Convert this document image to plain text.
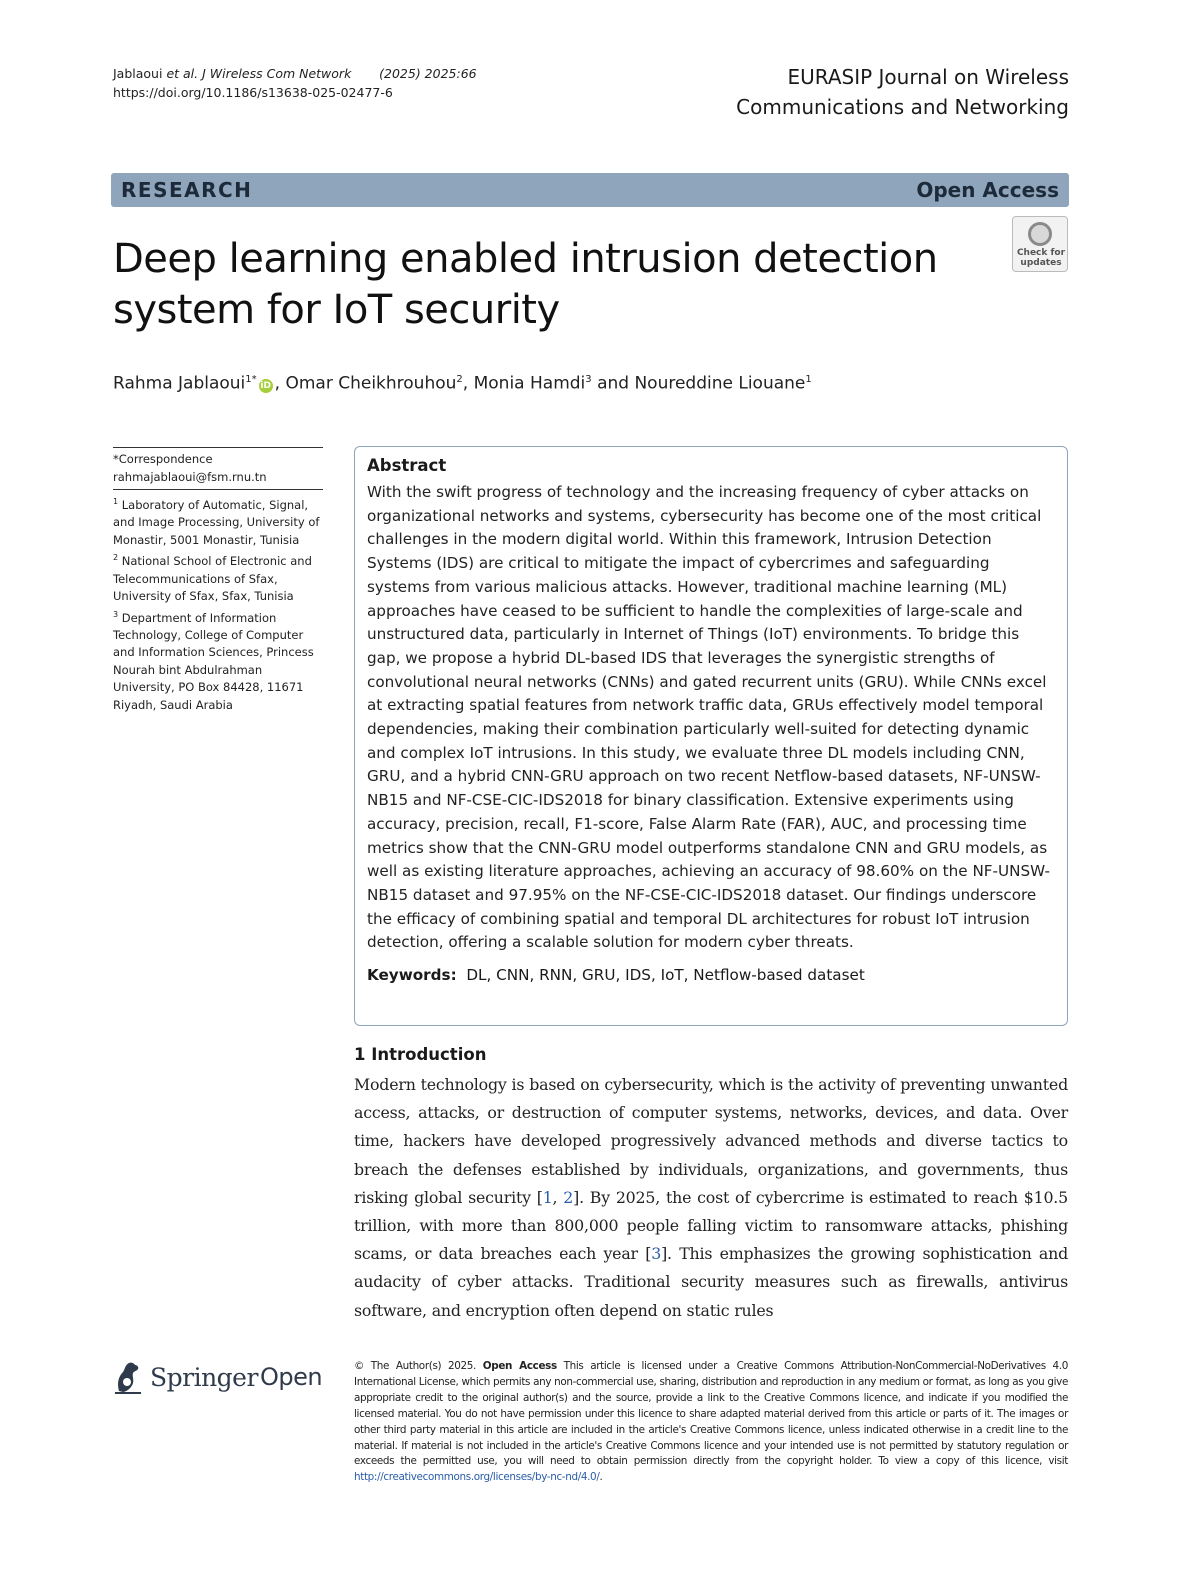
Jablaoui et al. J Wireless Com Network (2025) 2025:66
https://doi.org/10.1186/s13638-025-02477-6
EURASIP Journal on Wireless
Communications and Networking
RESEARCH	Open Access
Deep learning enabled intrusion detection system for IoT security
Check for updates
Rahma Jablaoui$^{1*}$iD , Omar Cheikhrouhou$^2$, Monia Hamdi$^3$ and Noureddine Liouane$^1$

*Correspondence

rahmajablaoui@fsm.rnu.tn

$^1$ Laboratory of Automatic, Signal, and Image Processing, University of Monastir, 5001 Monastir, Tunisia

$^2$ National School of Electronic and Telecommunications of Sfax, University of Sfax, Sfax, Tunisia

$^3$ Department of Information Technology, College of Computer and Information Sciences, Princess Nourah bint Abdulrahman University, PO Box 84428, 11671 Riyadh, Saudi Arabia

Abstract

With the swift progress of technology and the increasing frequency of cyber attacks on organizational networks and systems, cybersecurity has become one of the most critical challenges in the modern digital world. Within this framework, Intrusion Detection Systems (IDS) are critical to mitigate the impact of cybercrimes and safeguarding systems from various malicious attacks. However, traditional machine learning (ML) approaches have ceased to be sufficient to handle the complexities of large-scale and unstructured data, particularly in Internet of Things (IoT) environments. To bridge this gap, we propose a hybrid DL-based IDS that leverages the synergistic strengths of convolutional neural networks (CNNs) and gated recurrent units (GRU). While CNNs excel at extracting spatial features from network traffic data, GRUs effectively model temporal dependencies, making their combination particularly well-suited for detecting dynamic and complex IoT intrusions. In this study, we evaluate three DL models including CNN, GRU, and a hybrid CNN-GRU approach on two recent Netflow-based datasets, NF-UNSW-NB15 and NF-CSE-CIC-IDS2018 for binary classification. Extensive experiments using accuracy, precision, recall, F1-score, False Alarm Rate (FAR), AUC, and processing time metrics show that the CNN-GRU model outperforms standalone CNN and GRU models, as well as existing literature approaches, achieving an accuracy of 98.60% on the NF-UNSW-NB15 dataset and 97.95% on the NF-CSE-CIC-IDS2018 dataset. Our findings underscore the efficacy of combining spatial and temporal DL architectures for robust IoT intrusion detection, offering a scalable solution for modern cyber threats.

Keywords: DL, CNN, RNN, GRU, IDS, IoT, Netflow-based dataset
1 Introduction

Modern technology is based on cybersecurity, which is the activity of preventing unwanted access, attacks, or destruction of computer systems, networks, devices, and data. Over time, hackers have developed progressively advanced methods and diverse tactics to breach the defenses established by individuals, organizations, and governments, thus risking global security [1, 2]. By 2025, the cost of cybercrime is estimated to reach $10.5 trillion, with more than 800,000 people falling victim to ransomware attacks, phishing scams, or data breaches each year [3]. This emphasizes the growing sophistication and audacity of cyber attacks. Traditional security measures such as firewalls, antivirus software, and encryption often depend on static rules

Springer Open	© The Author(s) 2025. Open Access This article is licensed under a Creative Commons Attribution-NonCommercial-NoDerivatives 4.0 International License, which permits any non-commercial use, sharing, distribution and reproduction in any medium or format, as long as you give appropriate credit to the original author(s) and the source, provide a link to the Creative Commons licence, and indicate if you modified the licensed material. You do not have permission under this licence to share adapted material derived from this article or parts of it. The images or other third party material in this article are included in the article's Creative Commons licence, unless indicated otherwise in a credit line to the material. If material is not included in the article's Creative Commons licence and your intended use is not permitted by statutory regulation or exceeds the permitted use, you will need to obtain permission directly from the copyright holder. To view a copy of this licence, visit http://creativecommons.org/licenses/by-nc-nd/4.0/.
